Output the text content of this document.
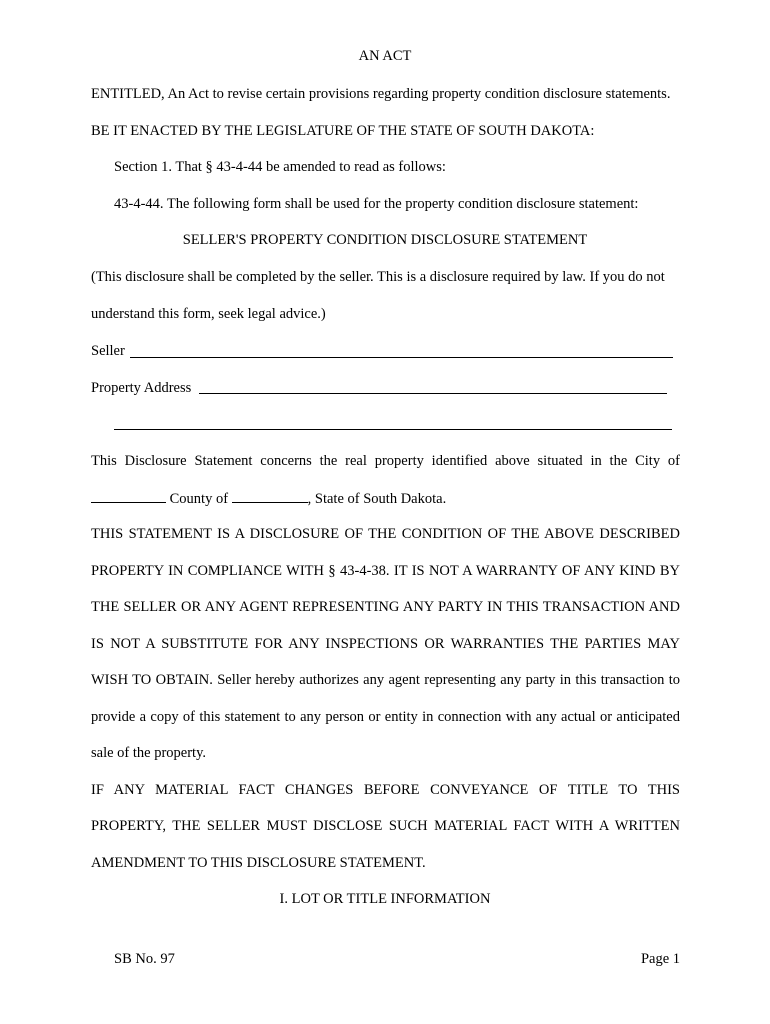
AN ACT
ENTITLED, An Act to revise certain provisions regarding property condition disclosure statements.
BE IT ENACTED BY THE LEGISLATURE OF THE STATE OF SOUTH DAKOTA:
Section 1. That § 43-4-44 be amended to read as follows:
43-4-44. The following form shall be used for the property condition disclosure statement:
SELLER'S PROPERTY CONDITION DISCLOSURE STATEMENT
(This disclosure shall be completed by the seller. This is a disclosure required by law. If you do not
understand this form, seek legal advice.)
Seller
Property Address
This Disclosure Statement concerns the real property identified above situated in the City of
County of	, State of South Dakota.
THIS STATEMENT IS A DISCLOSURE OF THE CONDITION OF THE ABOVE DESCRIBED
PROPERTY IN COMPLIANCE WITH § 43-4-38. IT IS NOT A WARRANTY OF ANY KIND BY
THE SELLER OR ANY AGENT REPRESENTING ANY PARTY IN THIS TRANSACTION AND
IS NOT A SUBSTITUTE FOR ANY INSPECTIONS OR WARRANTIES THE PARTIES MAY
WISH TO OBTAIN. Seller hereby authorizes any agent representing any party in this transaction to
provide a copy of this statement to any person or entity in connection with any actual or anticipated
sale of the property.
IF ANY MATERIAL FACT CHANGES BEFORE CONVEYANCE OF TITLE TO THIS
PROPERTY, THE SELLER MUST DISCLOSE SUCH MATERIAL FACT WITH A WRITTEN
AMENDMENT TO THIS DISCLOSURE STATEMENT.
I. LOT OR TITLE INFORMATION
SB No. 97	Page 1
